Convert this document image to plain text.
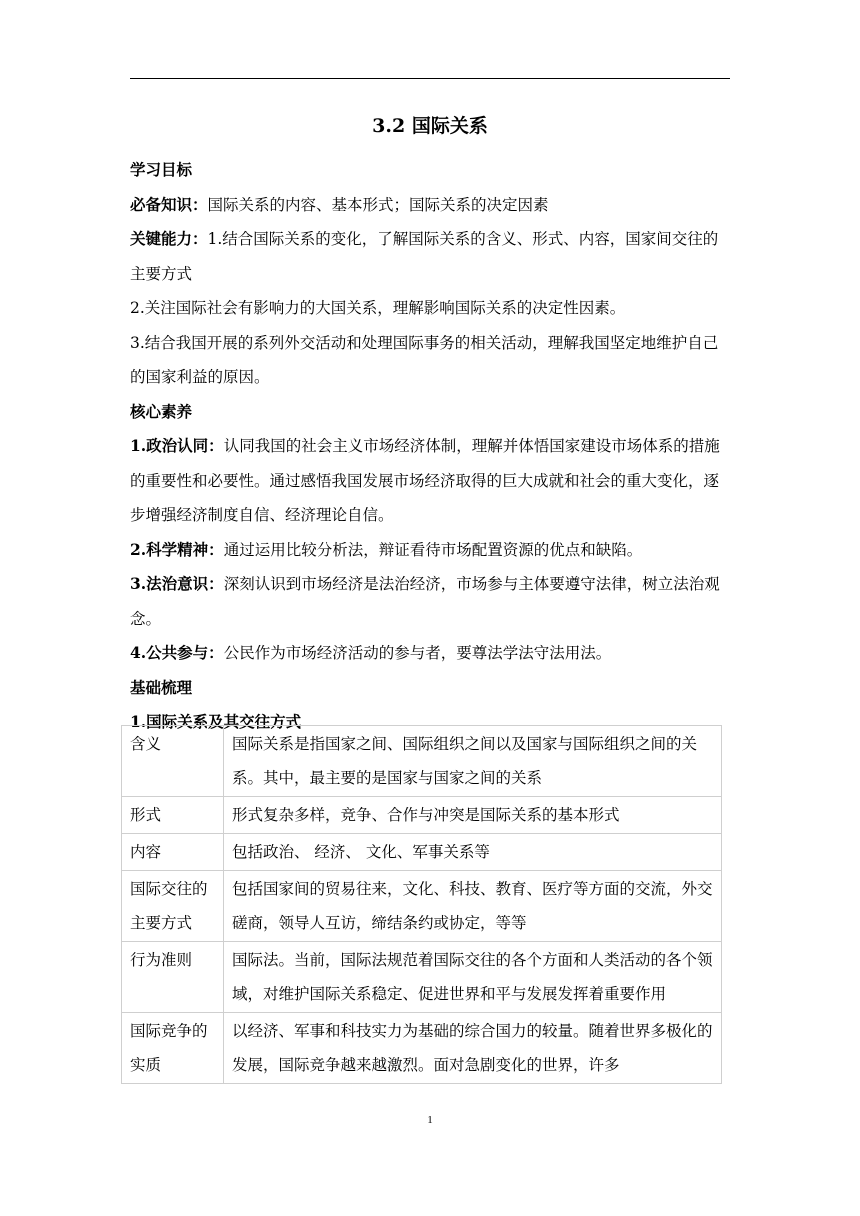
3.2 国际关系

学习目标

必备知识：国际关系的内容、基本形式；国际关系的决定因素

关键能力：1.结合国际关系的变化，了解国际关系的含义、形式、内容，国家间交往的主要方式

2.关注国际社会有影响力的大国关系，理解影响国际关系的决定性因素。

3.结合我国开展的系列外交活动和处理国际事务的相关活动，理解我国坚定地维护自己的国家利益的原因。

核心素养

1.政治认同：认同我国的社会主义市场经济体制，理解并体悟国家建设市场体系的措施的重要性和必要性。通过感悟我国发展市场经济取得的巨大成就和社会的重大变化，逐步增强经济制度自信、经济理论自信。

2.科学精神：通过运用比较分析法，辩证看待市场配置资源的优点和缺陷。

3.法治意识：深刻认识到市场经济是法治经济，市场参与主体要遵守法律，树立法治观念。

4.公共参与：公民作为市场经济活动的参与者，要尊法学法守法用法。

基础梳理

1.国际关系及其交往方式

含义	国际关系是指国家之间、国际组织之间以及国家与国际组织之间的关系。其中，最主要的是国家与国家之间的关系
形式	形式复杂多样，竞争、合作与冲突是国际关系的基本形式
内容	包括政治、 经济、 文化、军事关系等
国际交往的主要方式	包括国家间的贸易往来，文化、科技、教育、医疗等方面的交流，外交磋商，领导人互访，缔结条约或协定，等等
行为准则	国际法。当前，国际法规范着国际交往的各个方面和人类活动的各个领域，对维护国际关系稳定、促进世界和平与发展发挥着重要作用
国际竞争的实质	以经济、军事和科技实力为基础的综合国力的较量。随着世界多极化的发展，国际竞争越来越激烈。面对急剧变化的世界，许多
1
